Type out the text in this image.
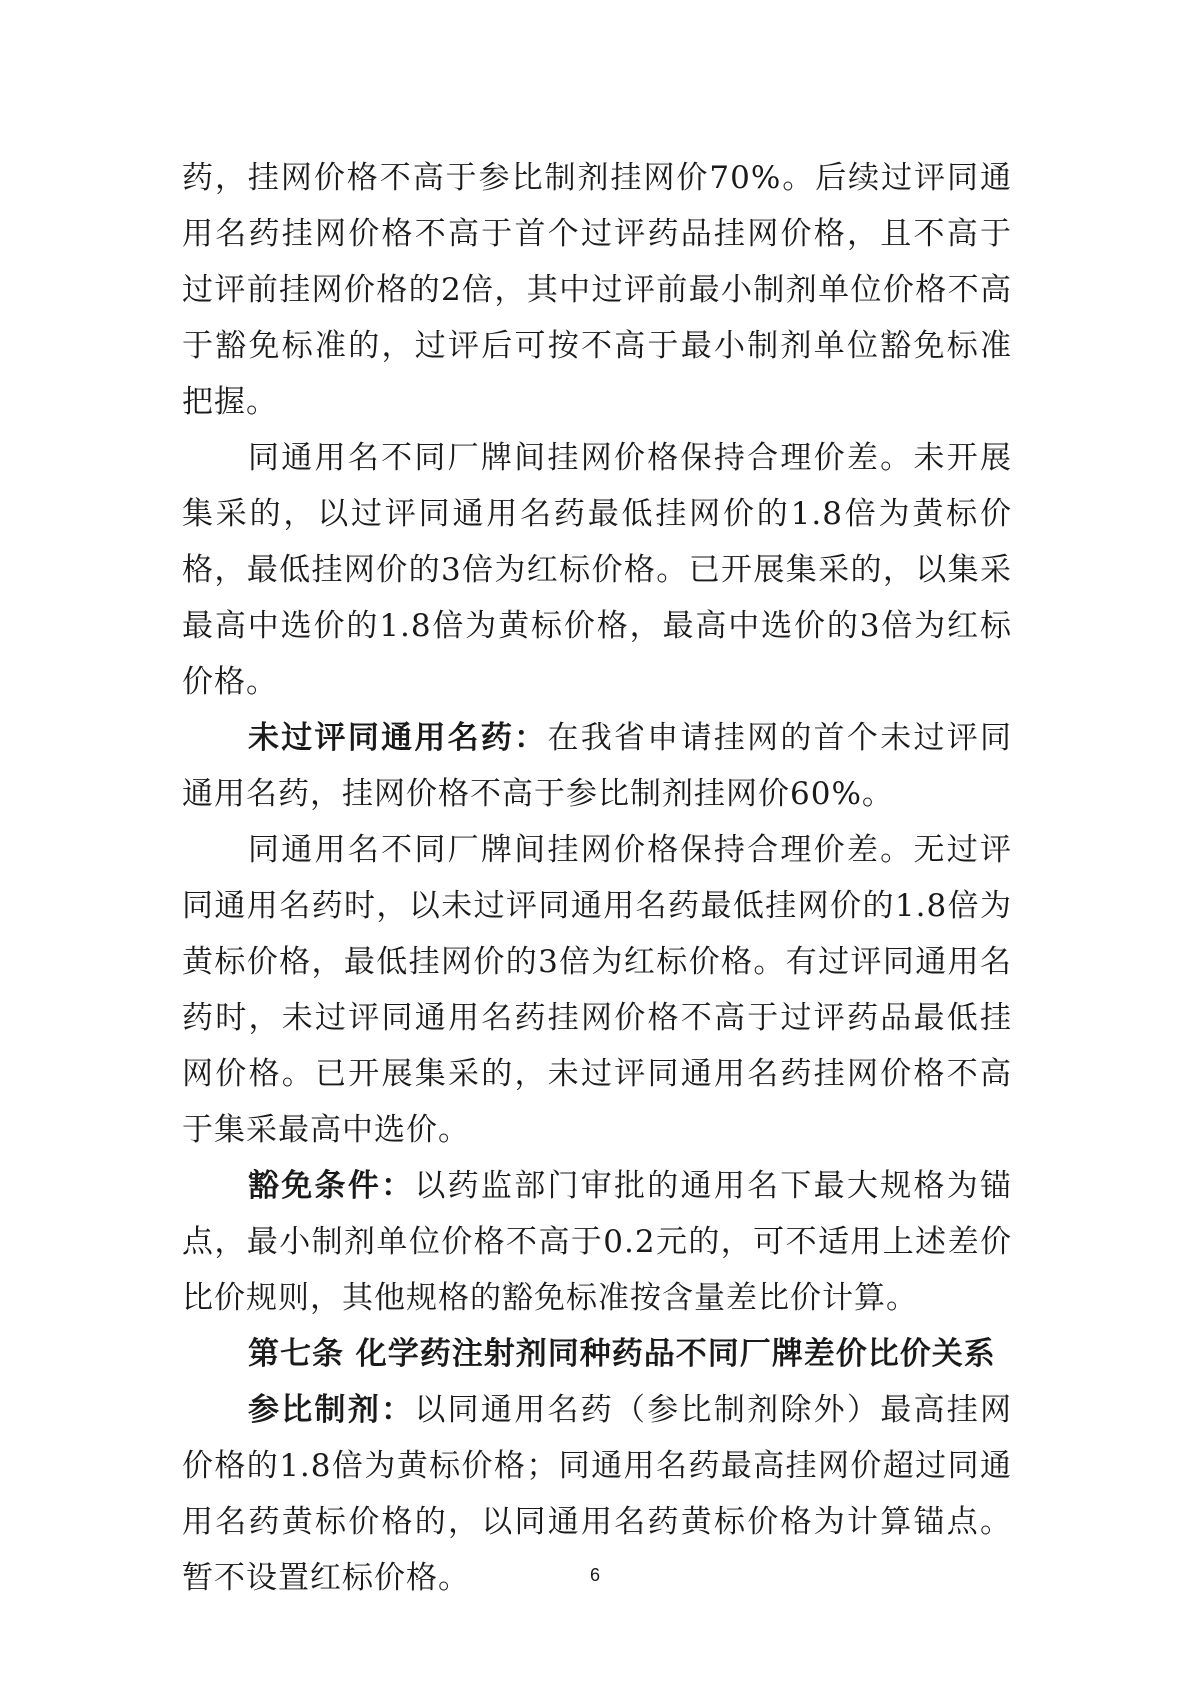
药，挂网价格不高于参比制剂挂网价70%。后续过评同通用名药挂网价格不高于首个过评药品挂网价格，且不高于过评前挂网价格的2倍，其中过评前最小制剂单位价格不高于豁免标准的，过评后可按不高于最小制剂单位豁免标准把握。

同通用名不同厂牌间挂网价格保持合理价差。未开展集采的，以过评同通用名药最低挂网价的1.8倍为黄标价格，最低挂网价的3倍为红标价格。已开展集采的，以集采最高中选价的1.8倍为黄标价格，最高中选价的3倍为红标价格。

未过评同通用名药：在我省申请挂网的首个未过评同通用名药，挂网价格不高于参比制剂挂网价60%。

同通用名不同厂牌间挂网价格保持合理价差。无过评同通用名药时，以未过评同通用名药最低挂网价的1.8倍为黄标价格，最低挂网价的3倍为红标价格。有过评同通用名药时，未过评同通用名药挂网价格不高于过评药品最低挂网价格。已开展集采的，未过评同通用名药挂网价格不高于集采最高中选价。

豁免条件：以药监部门审批的通用名下最大规格为锚点，最小制剂单位价格不高于0.2元的，可不适用上述差价比价规则，其他规格的豁免标准按含量差比价计算。

第七条 化学药注射剂同种药品不同厂牌差价比价关系

参比制剂：以同通用名药（参比制剂除外）最高挂网价格的1.8倍为黄标价格；同通用名药最高挂网价超过同通用名药黄标价格的，以同通用名药黄标价格为计算锚点。暂不设置红标价格。	6
